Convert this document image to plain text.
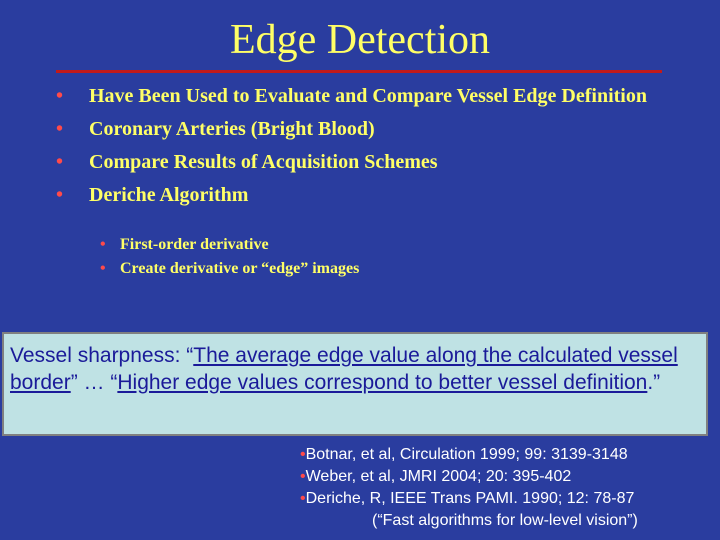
Edge Detection
• Have Been Used to Evaluate and Compare Vessel Edge Definition
• Coronary Arteries (Bright Blood)
• Compare Results of Acquisition Schemes
• Deriche Algorithm
• First-order derivative
• Create derivative or “edge” images
Vessel sharpness: “The average edge value along the calculated vessel border” … “Higher edge values correspond to better vessel definition.”
•Botnar, et al, Circulation 1999; 99: 3139-3148
•Weber, et al, JMRI 2004; 20: 395-402
•Deriche, R, IEEE Trans PAMI. 1990; 12: 78-87
(“Fast algorithms for low-level vision”)
